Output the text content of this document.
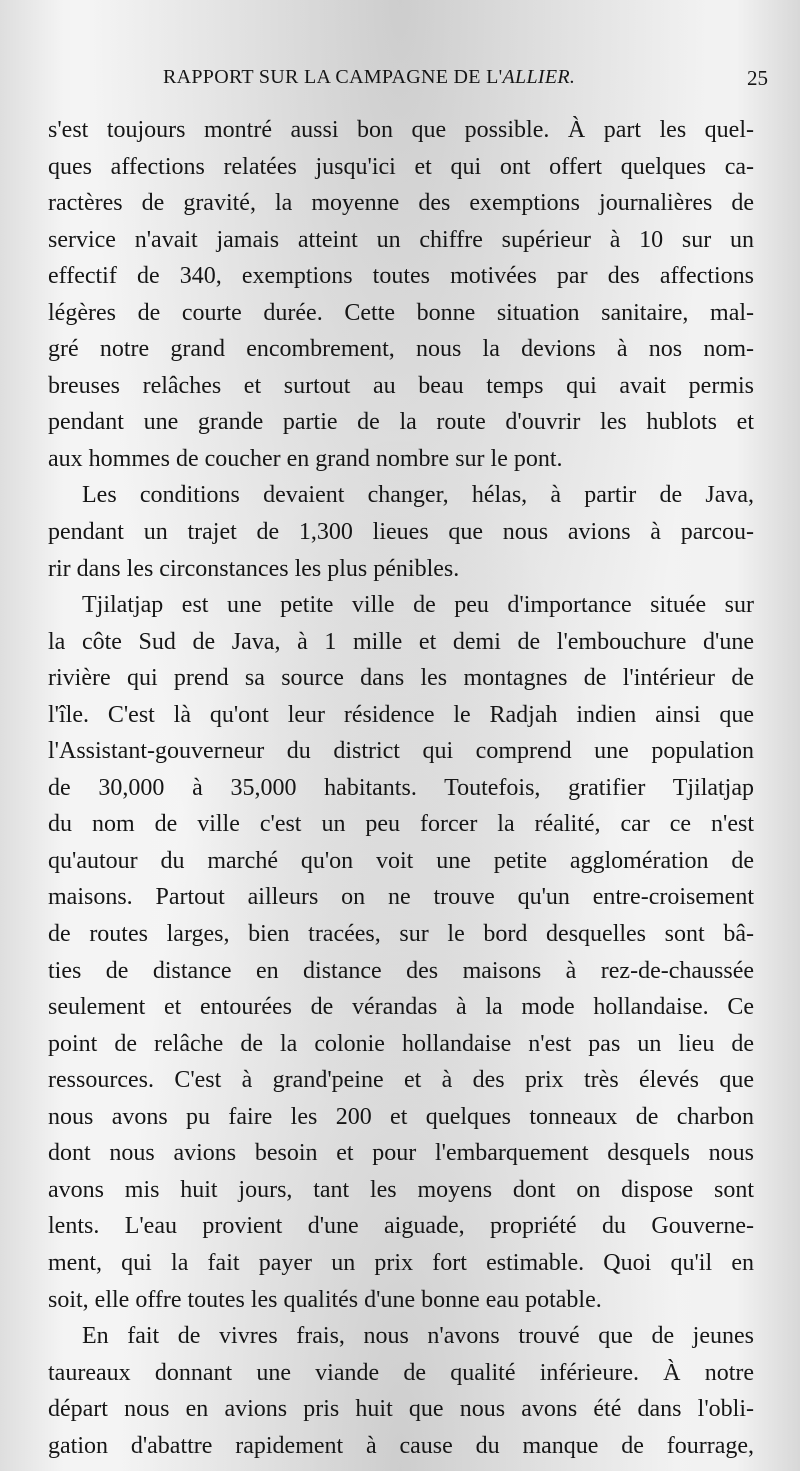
RAPPORT SUR LA CAMPAGNE DE L'ALLIER.	25
s'est toujours montré aussi bon que possible. À part les quel-
ques affections relatées jusqu'ici et qui ont offert quelques ca-
ractères de gravité, la moyenne des exemptions journalières de
service n'avait jamais atteint un chiffre supérieur à 10 sur un
effectif de 340, exemptions toutes motivées par des affections
légères de courte durée. Cette bonne situation sanitaire, mal-
gré notre grand encombrement, nous la devions à nos nom-
breuses relâches et surtout au beau temps qui avait permis
pendant une grande partie de la route d'ouvrir les hublots et
aux hommes de coucher en grand nombre sur le pont.
Les conditions devaient changer, hélas, à partir de Java,
pendant un trajet de 1,300 lieues que nous avions à parcou-
rir dans les circonstances les plus pénibles.
Tjilatjap est une petite ville de peu d'importance située sur
la côte Sud de Java, à 1 mille et demi de l'embouchure d'une
rivière qui prend sa source dans les montagnes de l'intérieur de
l'île. C'est là qu'ont leur résidence le Radjah indien ainsi que
l'Assistant-gouverneur du district qui comprend une population
de 30,000 à 35,000 habitants. Toutefois, gratifier Tjilatjap
du nom de ville c'est un peu forcer la réalité, car ce n'est
qu'autour du marché qu'on voit une petite agglomération de
maisons. Partout ailleurs on ne trouve qu'un entre-croisement
de routes larges, bien tracées, sur le bord desquelles sont bâ-
ties de distance en distance des maisons à rez-de-chaussée
seulement et entourées de vérandas à la mode hollandaise. Ce
point de relâche de la colonie hollandaise n'est pas un lieu de
ressources. C'est à grand'peine et à des prix très élevés que
nous avons pu faire les 200 et quelques tonneaux de charbon
dont nous avions besoin et pour l'embarquement desquels nous
avons mis huit jours, tant les moyens dont on dispose sont
lents. L'eau provient d'une aiguade, propriété du Gouverne-
ment, qui la fait payer un prix fort estimable. Quoi qu'il en
soit, elle offre toutes les qualités d'une bonne eau potable.
En fait de vivres frais, nous n'avons trouvé que de jeunes
taureaux donnant une viande de qualité inférieure. À notre
départ nous en avions pris huit que nous avons été dans l'obli-
gation d'abattre rapidement à cause du manque de fourrage,
